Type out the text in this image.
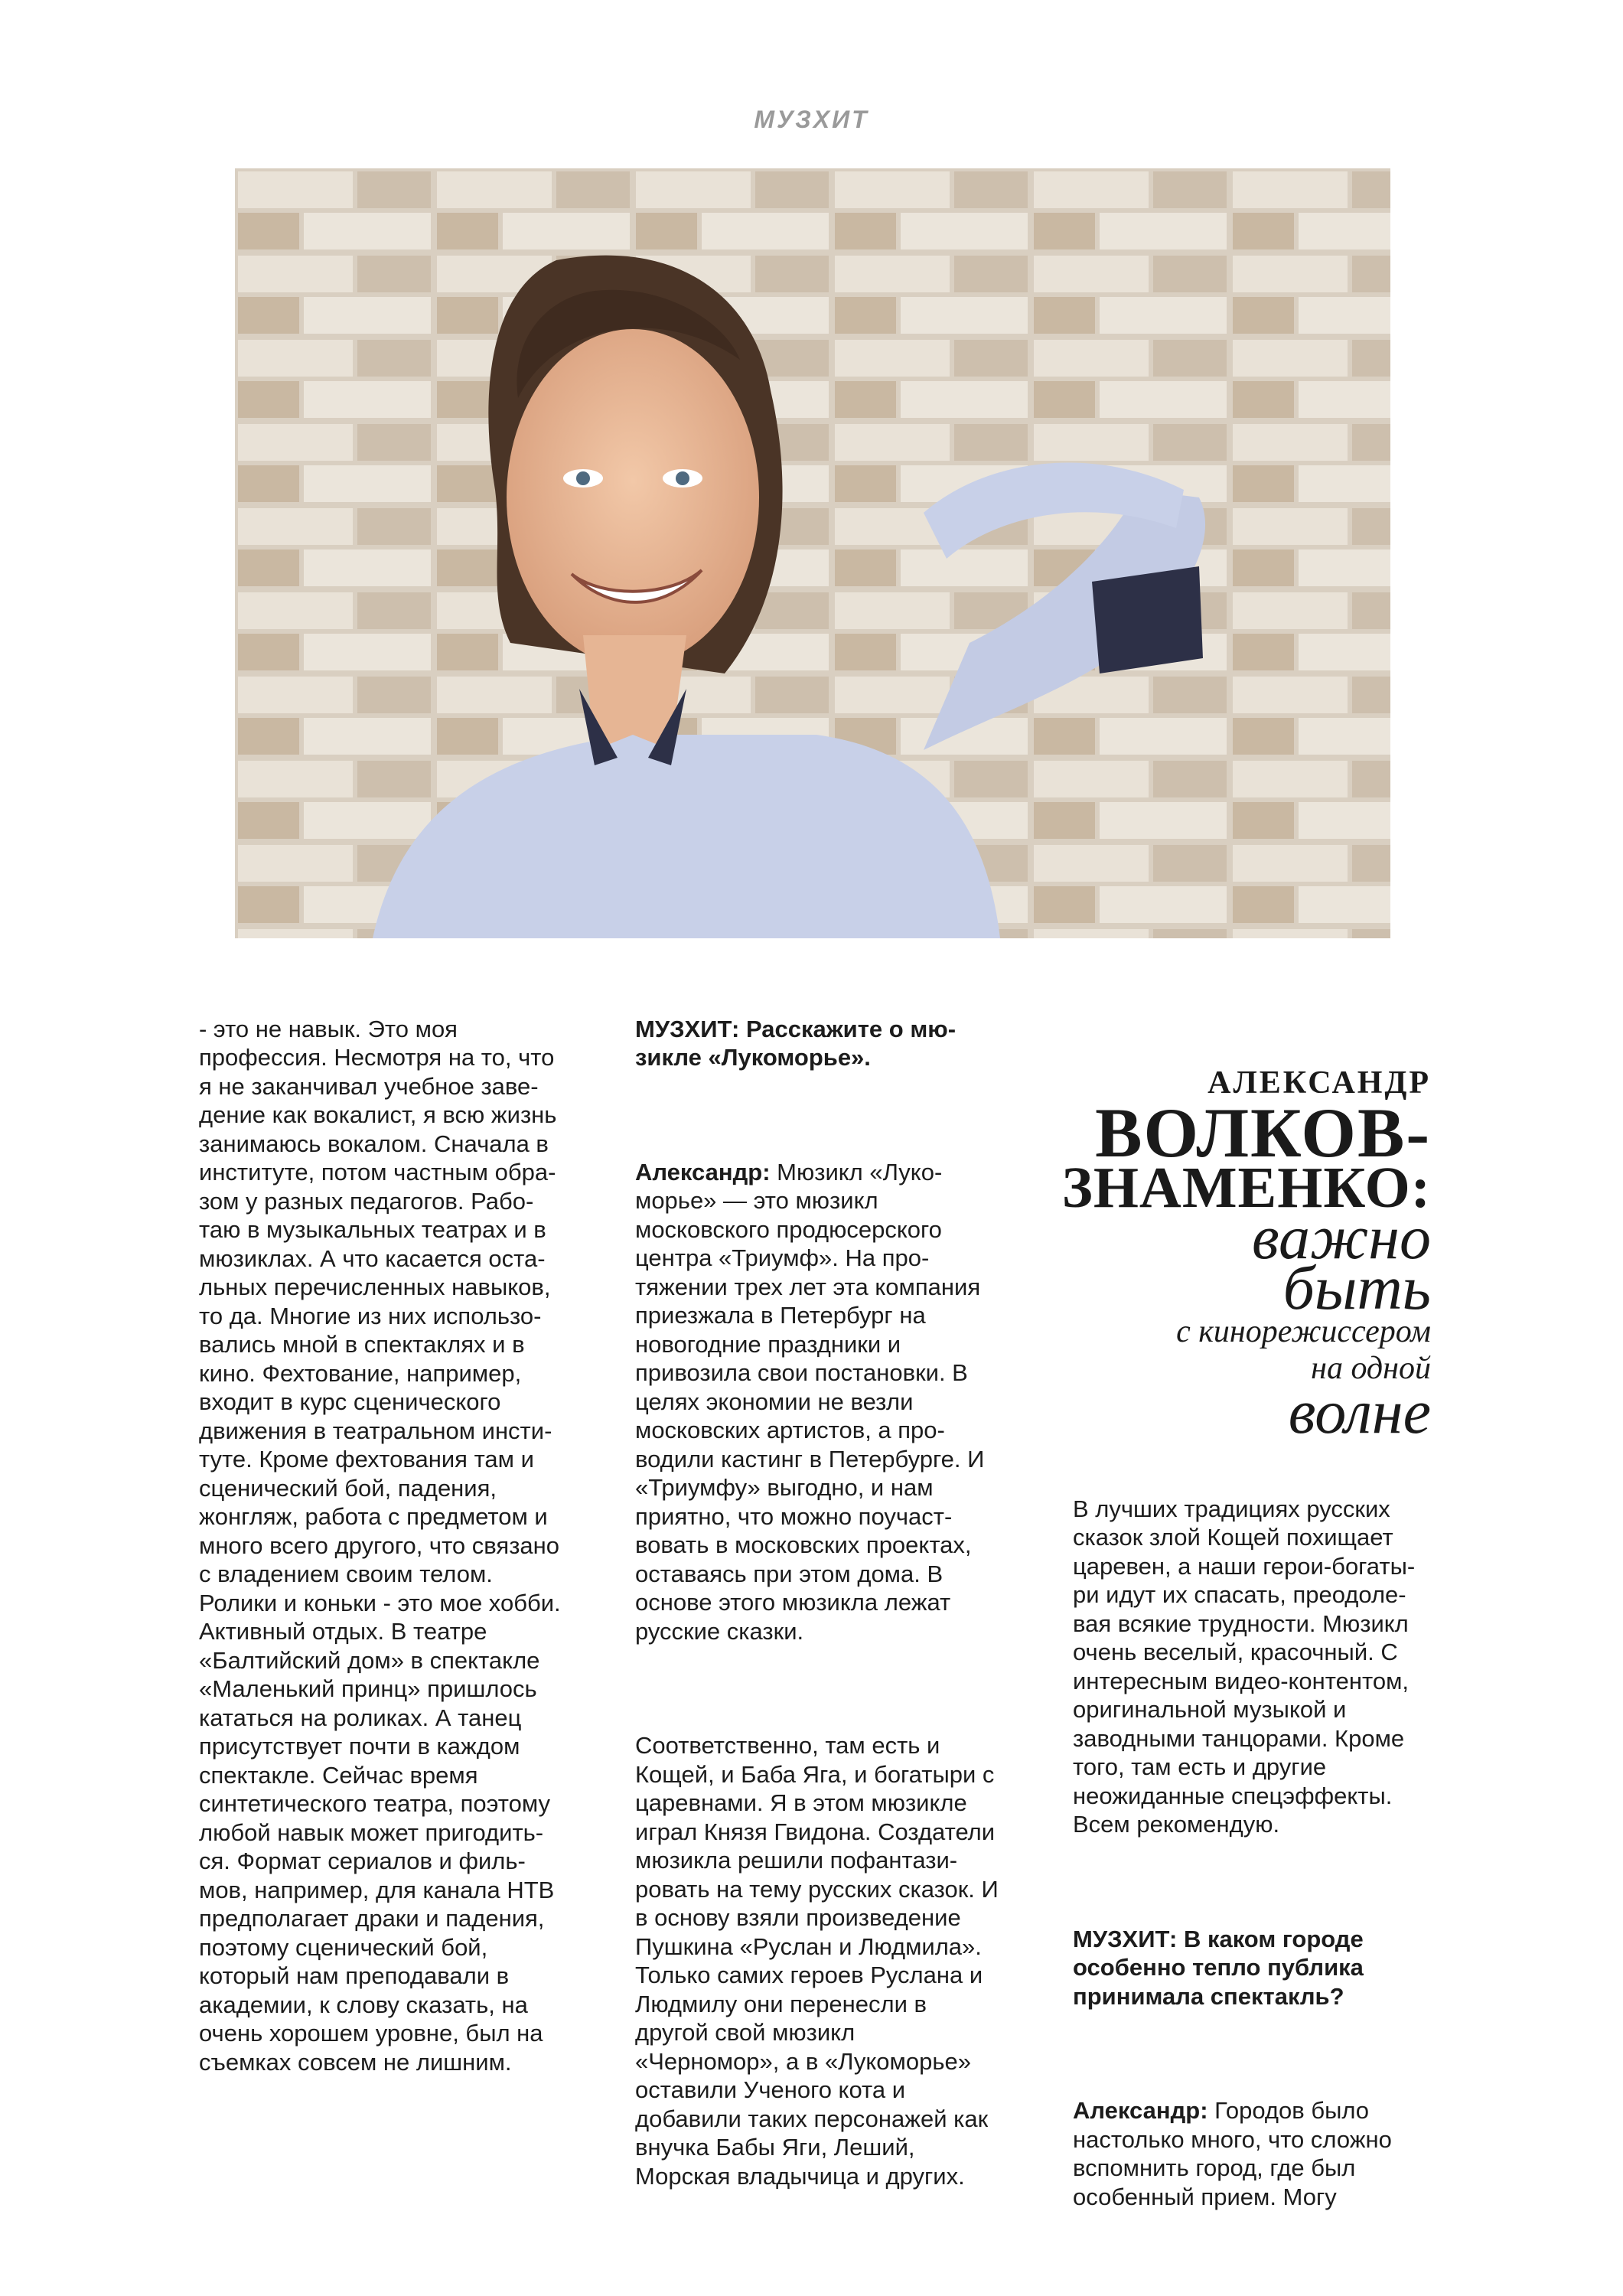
МУЗХИТ

- это не навык. Это моя
профессия. Несмотря на то, что
я не заканчивал учебное заве-
дение как вокалист, я всю жизнь
занимаюсь вокалом. Сначала в
институте, потом частным обра-
зом у разных педагогов. Рабо-
таю в музыкальных театрах и в
мюзиклах. А что касается оста-
льных перечисленных навыков,
то да. Многие из них использо-
вались мной в спектаклях и в
кино. Фехтование, например,
входит в курс сценического
движения в театральном инсти-
туте. Кроме фехтования там и
сценический бой, падения,
жонгляж, работа с предметом и
много всего другого, что связано
с владением своим телом.
Ролики и коньки - это мое хобби.
Активный отдых. В театре
«Балтийский дом» в спектакле
«Маленький принц» пришлось
кататься на роликах. А танец
присутствует почти в каждом
спектакле. Сейчас время
синтетического театра, поэтому
любой навык может пригодить-
ся. Формат сериалов и филь-
мов, например, для канала НТВ
предполагает драки и падения,
поэтому сценический бой,
который нам преподавали в
академии, к слову сказать, на
очень хорошем уровне, был на
съемках совсем не лишним.

МУЗХИТ: Расскажите о мю-
зикле «Лукоморье».

Александр: Мюзикл «Луко-
морье» — это мюзикл
московского продюсерского
центра «Триумф». На про-
тяжении трех лет эта компания
приезжала в Петербург на
новогодние праздники и
привозила свои постановки. В
целях экономии не везли
московских артистов, а про-
водили кастинг в Петербурге. И
«Триумфу» выгодно, и нам
приятно, что можно поучаст-
вовать в московских проектах,
оставаясь при этом дома. В
основе этого мюзикла лежат
русские сказки.

Соответственно, там есть и
Кощей, и Баба Яга, и богатыри с
царевнами. Я в этом мюзикле
играл Князя Гвидона. Создатели
мюзикла решили пофантази-
ровать на тему русских сказок. И
в основу взяли произведение
Пушкина «Руслан и Людмила».
Только самих героев Руслана и
Людмилу они перенесли в
другой свой мюзикл
«Черномор», а в «Лукоморье»
оставили Ученого кота и
добавили таких персонажей как
внучка Бабы Яги, Леший,
Морская владычица и других.

АЛЕКСАНДР
ВОЛКОВ-
ЗНАМЕНКО:
важно
быть
с кинорежиссером
на одной
волне

В лучших традициях русских
сказок злой Кощей похищает
царевен, а наши герои-богаты-
ри идут их спасать, преодоле-
вая всякие трудности. Мюзикл
очень веселый, красочный. С
интересным видео-контентом,
оригинальной музыкой и
заводными танцорами. Кроме
того, там есть и другие
неожиданные спецэффекты.
Всем рекомендую.

МУЗХИТ: В каком городе
особенно тепло публика
принимала спектакль?

Александр: Городов было
настолько много, что сложно
вспомнить город, где был
особенный прием. Могу
